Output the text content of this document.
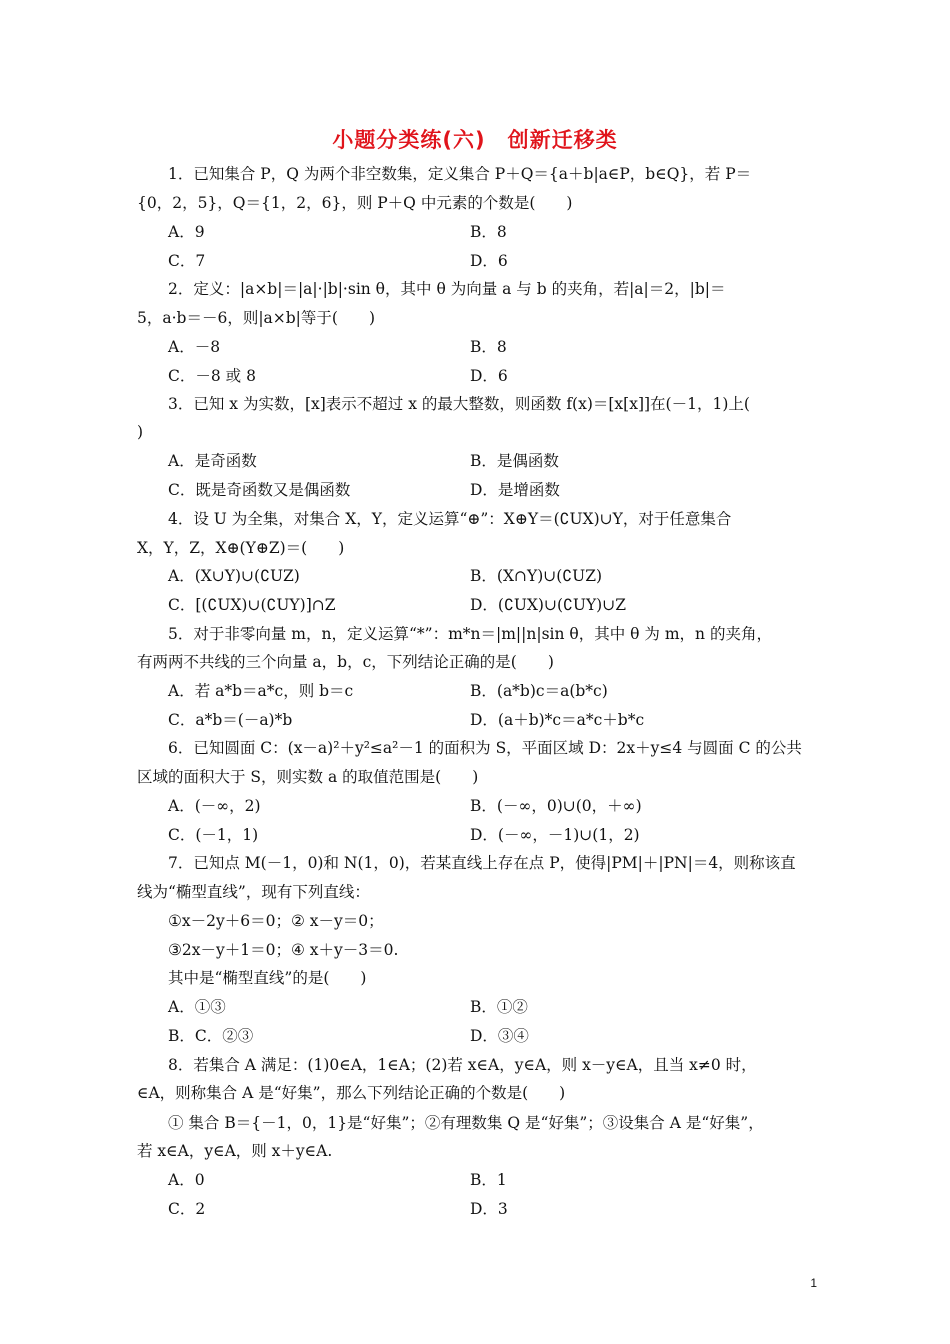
小题分类练(六)　创新迁移类
1．已知集合 P，Q 为两个非空数集，定义集合 P＋Q＝{a＋b|a∈P，b∈Q}，若 P＝
{0，2，5}，Q＝{1，2，6}，则 P＋Q 中元素的个数是(　　)
A．9	B．8
C．7	D．6
2．定义：|a×b|＝|a|·|b|·sin θ，其中 θ 为向量 a 与 b 的夹角，若|a|＝2，|b|＝
5，a·b＝－6，则|a×b|等于(　　)
A．－8	B．8
C．－8 或 8	D．6
3．已知 x 为实数，[x]表示不超过 x 的最大整数，则函数 f(x)＝[x[x]]在(－1，1)上(
)
A．是奇函数	B．是偶函数
C．既是奇函数又是偶函数	D．是增函数
4．设 U 为全集，对集合 X，Y，定义运算“⊕”：X⊕Y＝(∁UX)∪Y，对于任意集合
X，Y，Z，X⊕(Y⊕Z)＝(　　)
A．(X∪Y)∪(∁UZ)	B．(X∩Y)∪(∁UZ)
C．[(∁UX)∪(∁UY)]∩Z	D．(∁UX)∪(∁UY)∪Z
5．对于非零向量 m，n，定义运算“*”：m*n＝|m||n|sin θ，其中 θ 为 m，n 的夹角，
有两两不共线的三个向量 a，b，c，下列结论正确的是(　　)
A．若 a*b＝a*c，则 b＝c	B．(a*b)c＝a(b*c)
C．a*b＝(－a)*b	D．(a＋b)*c＝a*c＋b*c
6．已知圆面 C：(x－a)²＋y²≤a²－1 的面积为 S，平面区域 D：2x＋y≤4 与圆面 C 的公共
区域的面积大于 S，则实数 a 的取值范围是(　　)
A．(－∞，2)	B．(－∞，0)∪(0，＋∞)
C．(－1，1)	D．(－∞，－1)∪(1，2)
7．已知点 M(－1，0)和 N(1，0)，若某直线上存在点 P，使得|PM|＋|PN|＝4，则称该直
线为“椭型直线”，现有下列直线：
①x－2y＋6＝0；② x－y＝0；
③2x－y＋1＝0；④ x＋y－3＝0.
其中是“椭型直线”的是(　　)
A．①③	B．①②
B．C．②③	D．③④
8．若集合 A 满足：(1)0∈A，1∈A；(2)若 x∈A，y∈A，则 x－y∈A，且当 x≠0 时，
∈A，则称集合 A 是“好集”，那么下列结论正确的个数是(　　)
① 集合 B＝{－1，0，1}是“好集”；②有理数集 Q 是“好集”；③设集合 A 是“好集”，
若 x∈A，y∈A，则 x＋y∈A.
A．0	B．1
C．2	D．3
1
